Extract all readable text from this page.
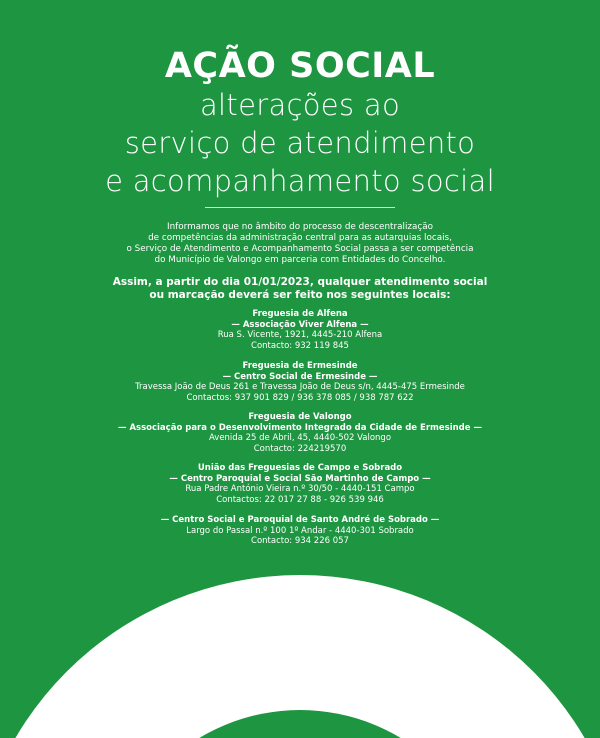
AÇÃO SOCIAL
alterações ao
serviço de atendimento
e acompanhamento social
Informamos que no âmbito do processo de descentralização
de competências da administração central para as autarquias locais,
o Serviço de Atendimento e Acompanhamento Social passa a ser competência
do Município de Valongo em parceria com Entidades do Concelho.
Assim, a partir do dia 01/01/2023, qualquer atendimento social
ou marcação deverá ser feito nos seguintes locais:
Freguesia de Alfena
— Associação Viver Alfena —
Rua S. Vicente, 1921, 4445-210 Alfena
Contacto: 932 119 845
Freguesia de Ermesinde
— Centro Social de Ermesinde —
Travessa João de Deus 261 e Travessa João de Deus s/n, 4445-475 Ermesinde
Contactos: 937 901 829 / 936 378 085 / 938 787 622
Freguesia de Valongo
— Associação para o Desenvolvimento Integrado da Cidade de Ermesinde —
Avenida 25 de Abril, 45, 4440-502 Valongo
Contacto: 224219570
União das Freguesias de Campo e Sobrado
— Centro Paroquial e Social São Martinho de Campo —
Rua Padre António Vieira n.º 30/50 - 4440-151 Campo
Contactos: 22 017 27 88 - 926 539 946
— Centro Social e Paroquial de Santo André de Sobrado —
Largo do Passal n.º 100 1º Andar - 4440-301 Sobrado
Contacto: 934 226 057
